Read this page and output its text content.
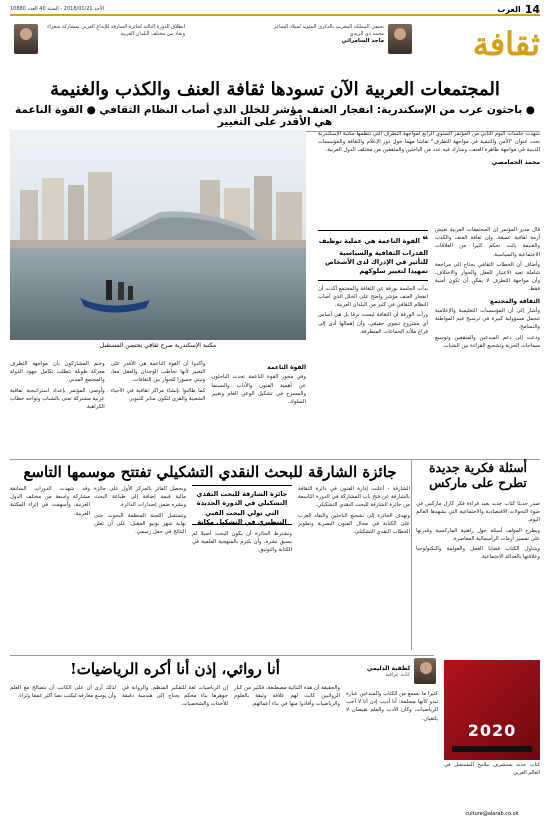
14
العرب
الأحد 2018/01/21 - السنة 40 العدد 10880
ثقافة
تحتفي المملكة المغربية بالذكرى المئوية لميلاد الشاعر محمد ذي الزيدي
ماجد السامرائي
انطلاق الدورة الثالثة لجائزة الشارقة للإبداع العربي بمشاركة شعراء ونقاد من مختلف البلدان العربية
المجتمعات العربية الآن تسودها ثقافة العنف والكذب والغنيمة
● باحثون عرب من الإسكندرية: انفجار العنف مؤشر للخلل الذي أصاب النظام الثقافي ● القوة الناعمة هي الأقدر على التغيير
مكتبة الإسكندرية صرح ثقافي يحتضن المستقبل

شهدت جلسات اليوم الثاني من المؤتمر السنوي الرابع لمواجهة التطرف التي تنظمها مكتبة الإسكندرية تحت عنوان "الأمن والتنمية في مواجهة التطرف" نقاشا مهما حول دور الإعلام والثقافة والمؤسسات الدينية في مواجهة ظاهرة العنف، وشارك فيه عدد من الباحثين والمثقفين من مختلف الدول العربية.

محمد الحمامصي

قال مدير المؤتمر إن المجتمعات العربية تعيش أزمة ثقافية عميقة، وإن ثقافة العنف والكذب والغنيمة باتت تحكم كثيرا من العلاقات الاجتماعية والسياسية.

وأضاف أن الخطاب الثقافي يحتاج إلى مراجعة شاملة تعيد الاعتبار للعقل والحوار والاختلاف، وأن مواجهة التطرف لا يمكن أن تكون أمنية فقط.

الثقافة والمجتمع

وأشار إلى أن المؤسسات التعليمية والإعلامية تتحمل مسؤولية كبيرة في ترسيخ قيم المواطنة والتسامح.

ودعت إلى دعم المبدعين والمثقفين وتوسيع مساحات الحرية وتشجيع القراءة بين الشباب.

❝ القوة الناعمة هي عملية توظيف القدرات الثقافية والسياسية للتأثير في الإدراك لدى الأشخاص تمهيدا لتغيير سلوكهم

بدأت الجلسة بورقة عن الثقافة والمجتمع أكدت أن انفجار العنف مؤشر واضح على الخلل الذي أصاب النظام الثقافي في كثير من البلدان العربية.

ورأت الورقة أن الثقافة ليست ترفا بل هي أساس أي مشروع تنموي حقيقي، وأن إهمالها أدى إلى فراغ ملأته الجماعات المتطرفة.

القوة الناعمة

وفي محور القوة الناعمة تحدث الباحثون عن أهمية الفنون والآداب والسينما والمسرح في تشكيل الوعي العام وتغيير السلوك.

وأكدوا أن القوة الناعمة هي الأقدر على التغيير لأنها تخاطب الوجدان والعقل معا، وتبني جسورا للحوار بين الثقافات.

كما طالبوا بإنشاء مراكز ثقافية في الأحياء الشعبية والقرى لتكون منابر للتنوير.

وختم المشاركون بأن مواجهة التطرف معركة طويلة تتطلب تكامل جهود الدولة والمجتمع المدني.

وأوصى المؤتمر بإعداد استراتيجية ثقافية عربية مشتركة تعنى بالشباب وتواجه خطاب الكراهية.

جائزة الشارقة للبحث النقدي التشكيلي تفتتح موسمها التاسع
جائزة الشارقة للبحث النقدي التشكيلي في الدورة الجديدة التي تولي البحث الفني التنظيري في التشكيل مكانة

الشارقة - أعلنت إدارة الفنون في دائرة الثقافة بالشارقة عن فتح باب المشاركة في الدورة التاسعة من جائزة الشارقة للبحث النقدي التشكيلي.

وتهدف الجائزة إلى تشجيع الباحثين والنقاد العرب على الكتابة في مجال الفنون البصرية وتطوير الخطاب النقدي التشكيلي.

وتشترط الجائزة أن يكون البحث أصيلا لم يسبق نشره، وأن يلتزم بالمنهجية العلمية في الكتابة والتوثيق.

ويحصل الفائز بالمركز الأول على جائزة مالية قيمة إضافة إلى طباعة البحث ونشره ضمن إصدارات الدائرة.

وتستقبل اللجنة المنظمة البحوث حتى نهاية شهر يونيو المقبل، على أن تعلن النتائج في حفل رسمي.

وقد شهدت الدورات السابقة مشاركة واسعة من مختلف الدول العربية، وأسهمت في إثراء المكتبة العربية.

أسئلة فكرية جديدة تطرح على ماركس

صدر حديثا كتاب جديد يعيد قراءة فكر كارل ماركس في ضوء التحولات الاقتصادية والاجتماعية التي يشهدها العالم اليوم.

ويطرح المؤلف أسئلة حول راهنية الماركسية وقدرتها على تفسير أزمات الرأسمالية المعاصرة.

ويتناول الكتاب قضايا العمل والعولمة والتكنولوجيا وعلاقتها بالعدالة الاجتماعية.

أنا روائي، إذن أنا أكره الرياضيات!	لطفية الدليمي
كاتبة عراقية

كثيرا ما نسمع من الكتاب والمبدعين عبارة تبدو كأنها مسلمة: أنا أديب إذن أنا لا أحب الرياضيات، وكأن الأدب والعلم نقيضان لا يلتقيان.

والحقيقة أن هذه الثنائية مصطنعة، فكثير من كبار الروائيين كانت لهم علاقة وثيقة بالعلوم والرياضيات وأفادوا منها في بناء أعمالهم.

إن الرياضيات لغة للتفكير المنظم، والرواية في جوهرها بناء محكم يحتاج إلى هندسة دقيقة للأحداث والشخصيات.

لذلك أرى أن على الكاتب أن يتصالح مع العلم وأن يوسع معارفه ليكتب نصا أكثر عمقا وثراء.

2020

كتاب جديد يستشرف ملامح المستقبل في العالم العربي

culture@alarab.co.uk
